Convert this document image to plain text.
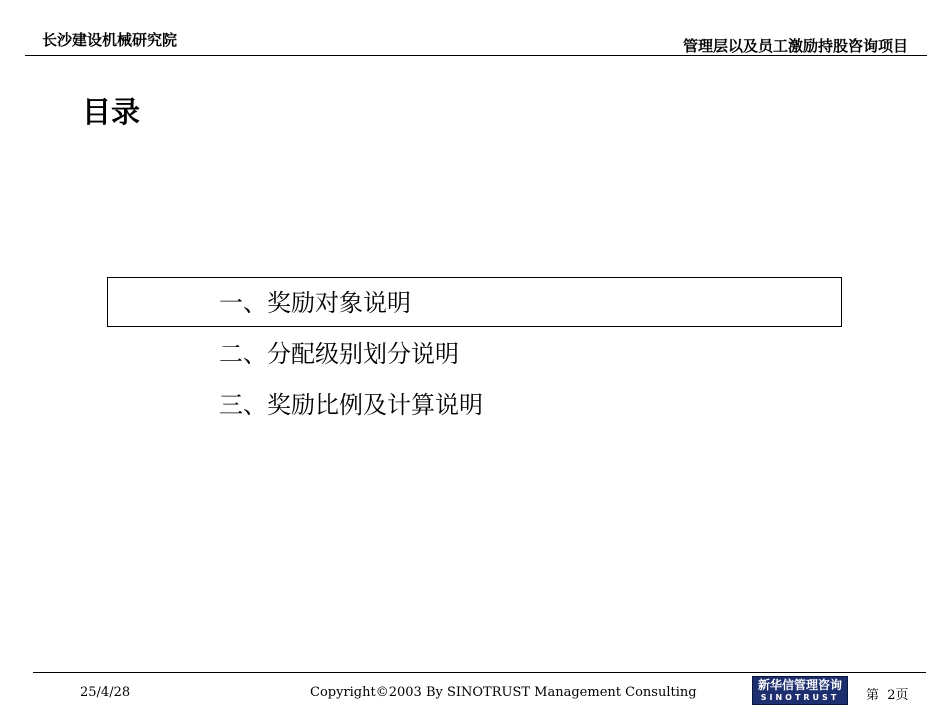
长沙建设机械研究院	管理层以及员工激励持股咨询项目
目录
一、奖励对象说明
二、分配级别划分说明
三、奖励比例及计算说明
25/4/28	Copyright©2003 By SINOTRUST Management Consulting	新华信管理咨询
SINOTRUST	第  2页
